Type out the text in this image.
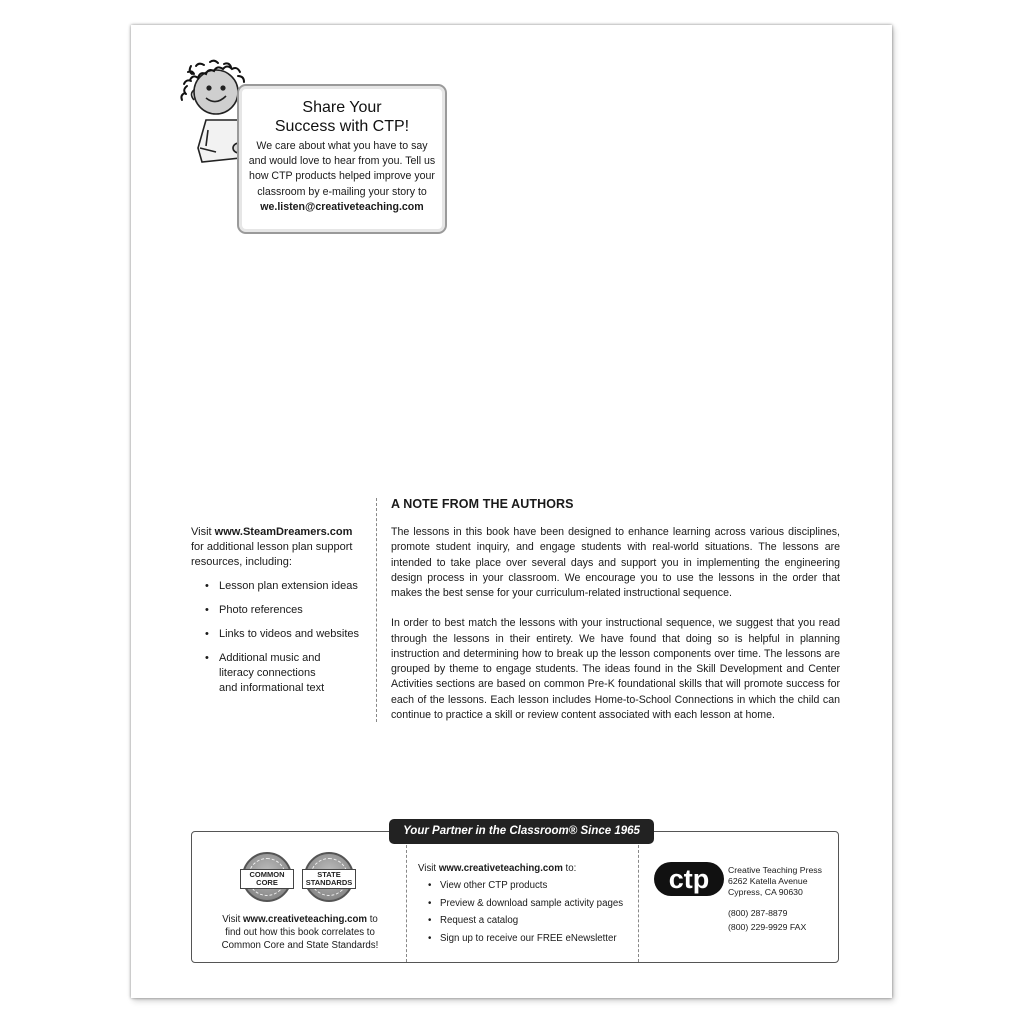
Share Your
Success with CTP!
We care about what you have to say
and would love to hear from you. Tell us
how CTP products helped improve your
classroom by e-mailing your story to
we.listen@creativeteaching.com
Visit www.SteamDreamers.com
for additional lesson plan support
resources, including:
• Lesson plan extension ideas
• Photo references
• Links to videos and websites
• Additional music and
literacy connections
and informational text
A NOTE FROM THE AUTHORS

The lessons in this book have been designed to enhance learning across various disciplines, promote student inquiry, and engage students with real-world situations. The lessons are intended to take place over several days and support you in implementing the engineering design process in your classroom. We encourage you to use the lessons in the order that makes the best sense for your curriculum-related instructional sequence.

In order to best match the lessons with your instructional sequence, we suggest that you read through the lessons in their entirety. We have found that doing so is helpful in planning instruction and determining how to break up the lesson components over time. The lessons are grouped by theme to engage students. The ideas found in the Skill Development and Center Activities sections are based on common Pre-K foundational skills that will promote success for each of the lessons. Each lesson includes Home-to-School Connections in which the child can continue to practice a skill or review content associated with each lesson at home.

Your Partner in the Classroom® Since 1965
COMMON
CORE
STATE
STANDARDS
Visit www.creativeteaching.com to
find out how this book correlates to
Common Core and State Standards!
Visit www.creativeteaching.com to:
• View other CTP products
• Preview & download sample activity pages
• Request a catalog
• Sign up to receive our FREE eNewsletter
ctp Creative Teaching Press
6262 Katella Avenue
Cypress, CA 90630
(800) 287-8879
(800) 229-9929 FAX
